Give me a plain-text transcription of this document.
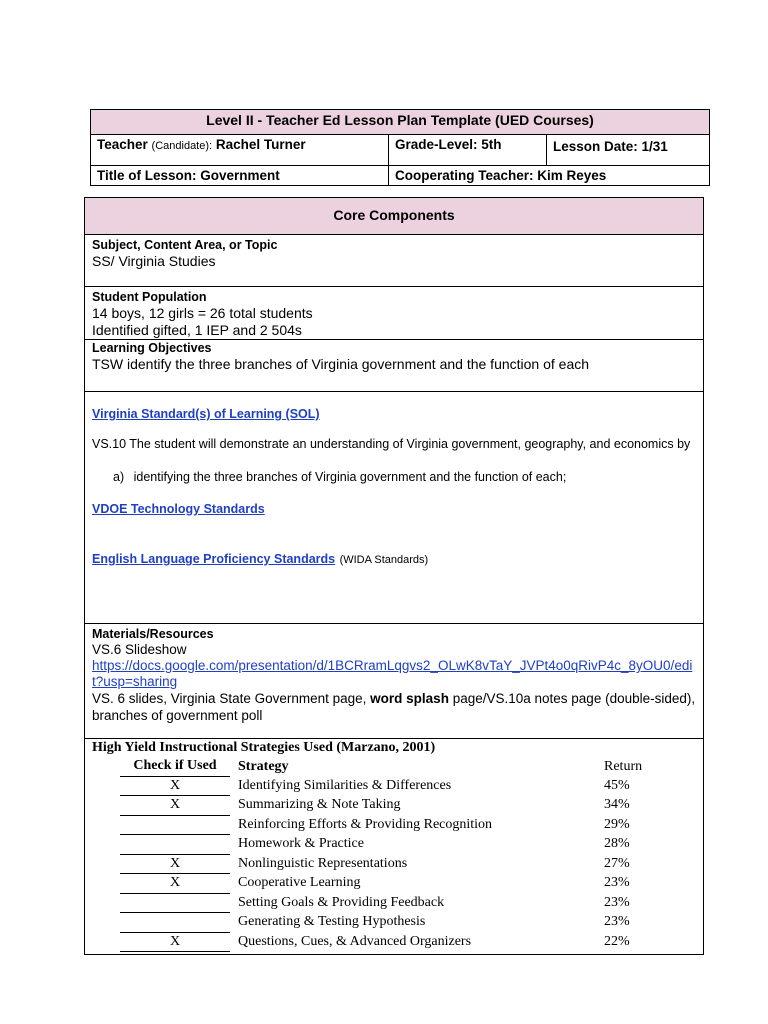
Level II - Teacher Ed Lesson Plan Template (UED Courses)		
Teacher (Candidate): Rachel Turner	Grade-Level: 5th	Lesson Date: 1/31
Title of Lesson: Government	Cooperating Teacher: Kim Reyes	
Core Components
Subject, Content Area, or Topic
SS/ Virginia Studies
Student Population
14 boys, 12 girls = 26 total students
Identified gifted, 1 IEP and 2 504s
Learning Objectives
TSW identify the three branches of Virginia government and the function of each
Virginia Standard(s) of Learning (SOL)
VS.10 The student will demonstrate an understanding of Virginia government, geography, and economics by
a) identifying the three branches of Virginia government and the function of each;
VDOE Technology Standards
English Language Proficiency Standards (WIDA Standards)
Materials/Resources
VS.6 Slideshow
https://docs.google.com/presentation/d/1BCRramLqgvs2_OLwK8vTaY_JVPt4o0qRivP4c_8yOU0/edit?usp=sharing
VS. 6 slides, Virginia State Government page, word splash page/VS.10a notes page (double-sided), branches of government poll
High Yield Instructional Strategies Used (Marzano, 2001)
Check if Used	Strategy	Return
X	Identifying Similarities & Differences	45%
X	Summarizing & Note Taking	34%
	Reinforcing Efforts & Providing Recognition	29%
	Homework & Practice	28%
X	Nonlinguistic Representations	27%
X	Cooperative Learning	23%
	Setting Goals & Providing Feedback	23%
	Generating & Testing Hypothesis	23%
X	Questions, Cues, & Advanced Organizers	22%
